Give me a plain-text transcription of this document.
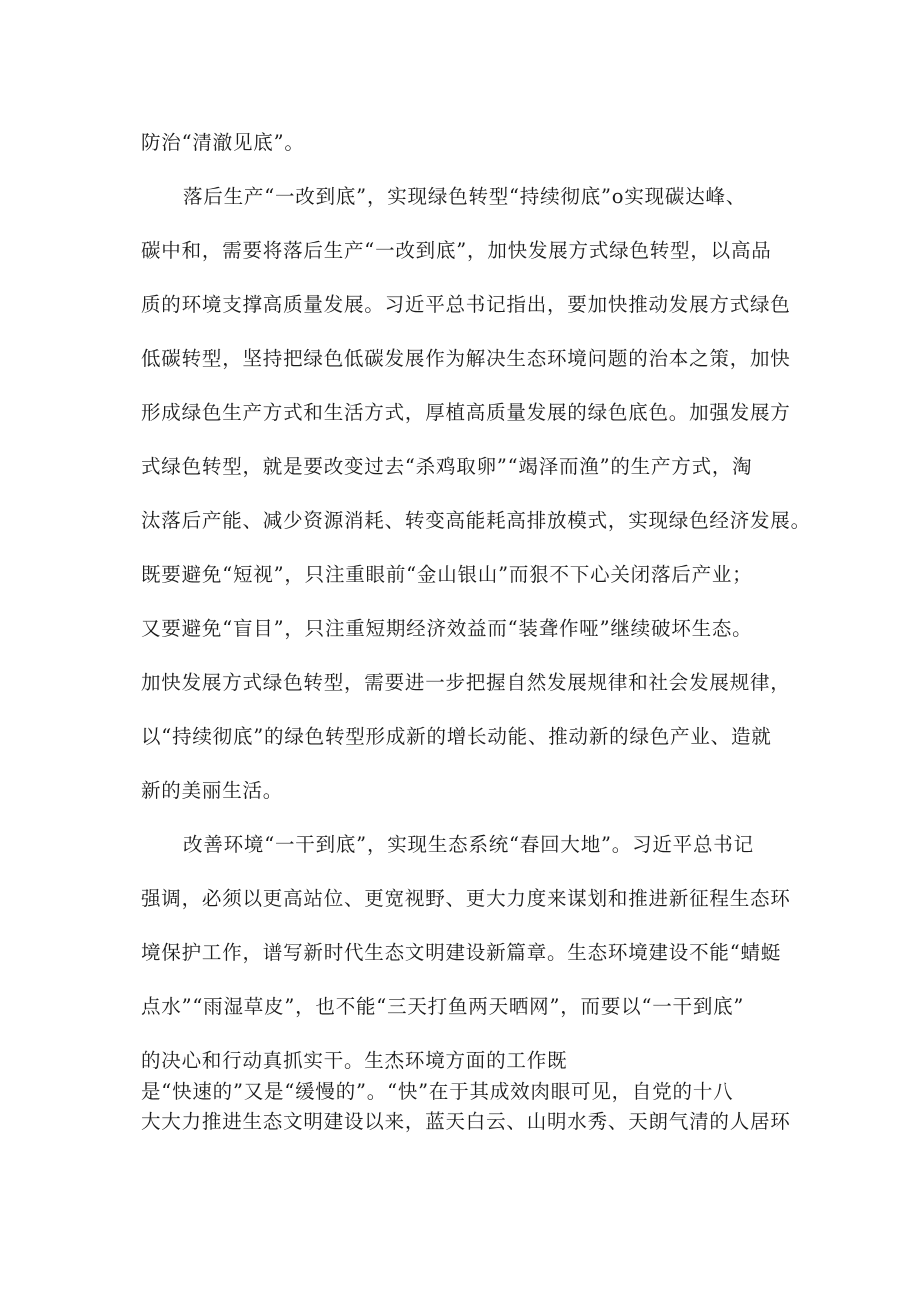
防治“清澈见底”。
落后生产“一改到底”，实现绿色转型“持续彻底”o实现碳达峰、
碳中和，需要将落后生产“一改到底”，加快发展方式绿色转型，以高品
质的环境支撑高质量发展。习近平总书记指出，要加快推动发展方式绿色
低碳转型，坚持把绿色低碳发展作为解决生态环境问题的治本之策，加快
形成绿色生产方式和生活方式，厚植高质量发展的绿色底色。加强发展方
式绿色转型，就是要改变过去“杀鸡取卵”“竭泽而渔”的生产方式，淘
汰落后产能、减少资源消耗、转变高能耗高排放模式，实现绿色经济发展。
既要避免“短视”，只注重眼前“金山银山”而狠不下心关闭落后产业；
又要避免“盲目”，只注重短期经济效益而“装聋作哑”继续破坏生态。
加快发展方式绿色转型，需要进一步把握自然发展规律和社会发展规律，
以“持续彻底”的绿色转型形成新的增长动能、推动新的绿色产业、造就
新的美丽生活。
改善环境“一干到底”，实现生态系统“春回大地”。习近平总书记
强调，必须以更高站位、更宽视野、更大力度来谋划和推进新征程生态环
境保护工作，谱写新时代生态文明建设新篇章。生态环境建设不能“蜻蜓
点水”“雨湿草皮”，也不能“三天打鱼两天晒网”，而要以“一干到底”
的决心和行动真抓实干。生杰环境方面的工作既
是“快速的”又是“缓慢的”。“快”在于其成效肉眼可见，自党的十八
大大力推进生态文明建设以来，蓝天白云、山明水秀、天朗气清的人居环
